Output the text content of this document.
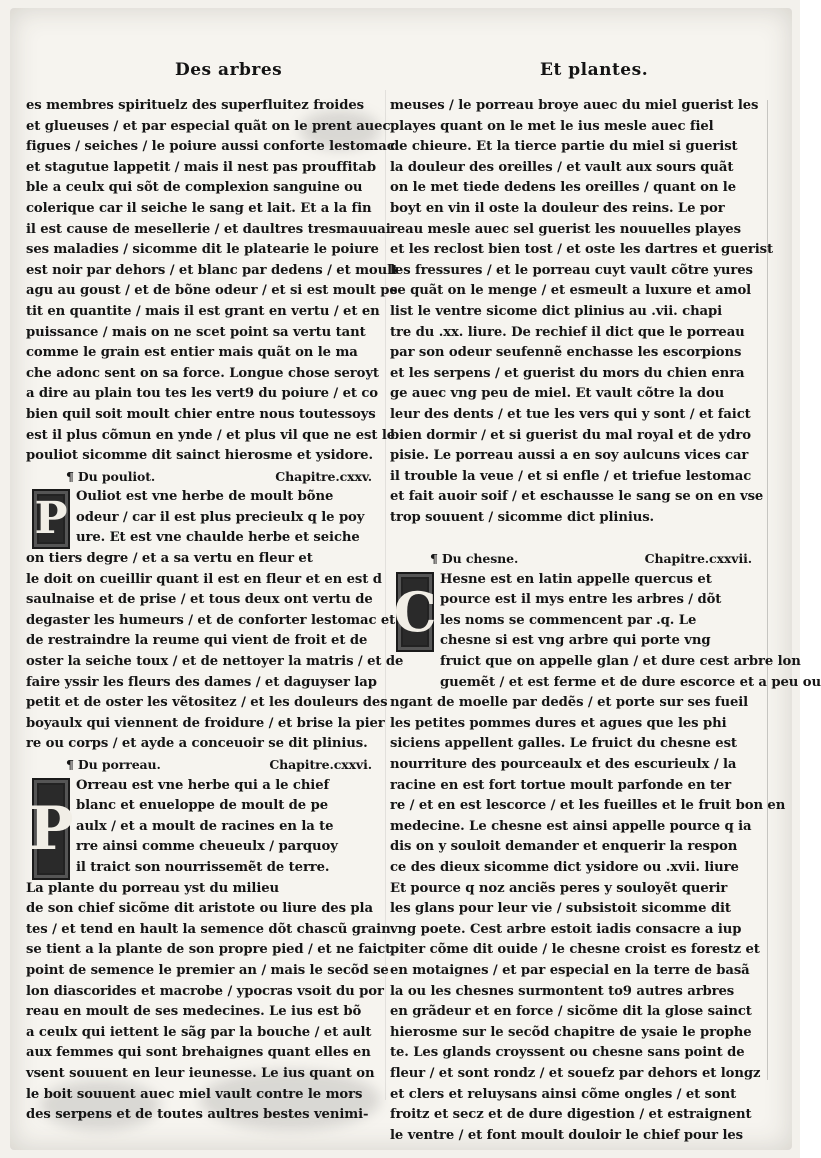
Des arbres	Et plantes.
es membres spirituelz des superfluitez froides
et glueuses / et par especial quãt on le prent auec
figues / seiches / le poiure aussi conforte lestomac
et stagutue lappetit / mais il nest pas prouffitab
ble a ceulx qui sõt de complexion sanguine ou
colerique car il seiche le sang et lait. Et a la fin
il est cause de mesellerie / et daultres tresmauuai
ses maladies / sicomme dit le platearie le poiure
est noir par dehors / et blanc par dedens / et moult
agu au goust / et de bõne odeur / et si est moult pe
tit en quantite / mais il est grant en vertu / et en
puissance / mais on ne scet point sa vertu tant
comme le grain est entier mais quãt on le ma
che adonc sent on sa force. Longue chose seroyt
a dire au plain tou tes les vert9 du poiure / et co
bien quil soit moult chier entre nous toutessoys
est il plus cõmun en ynde / et plus vil que ne est le
pouliot sicomme dit sainct hierosme et ysidore.
¶ Du pouliot.	Chapitre.cxxv.
P Ouliot est vne herbe de moult bõne
odeur / car il est plus precieulx q le poy
ure. Et est vne chaulde herbe et seiche
on tiers degre / et a sa vertu en fleur et
le doit on cueillir quant il est en fleur et en est d
saulnaise et de prise / et tous deux ont vertu de
degaster les humeurs / et de conforter lestomac et
de restraindre la reume qui vient de froit et de
oster la seiche toux / et de nettoyer la matris / et de
faire yssir les fleurs des dames / et daguyser lap
petit et de oster les vẽtositez / et les douleurs des
boyaulx qui viennent de froidure / et brise la pier
re ou corps / et ayde a conceuoir se dit plinius.
¶ Du porreau.	Chapitre.cxxvi.
P
Orreau est vne herbe qui a le chief
blanc et enueloppe de moult de pe
aulx / et a moult de racines en la te
rre ainsi comme cheueulx / parquoy
il traict son nourrissemẽt de terre.
La plante du porreau yst du milieu
de son chief sicõme dit aristote ou liure des pla
tes / et tend en hault la semence dõt chascũ grain
se tient a la plante de son propre pied / et ne faict
point de semence le premier an / mais le secõd se
lon diascorides et macrobe / ypocras vsoit du por
reau en moult de ses medecines. Le ius est bõ
a ceulx qui iettent le sãg par la bouche / et ault
aux femmes qui sont brehaignes quant elles en
vsent souuent en leur ieunesse. Le ius quant on
le boit souuent auec miel vault contre le mors
des serpens et de toutes aultres bestes venimi-
meuses / le porreau broye auec du miel guerist les
playes quant on le met le ius mesle auec fiel
de chieure. Et la tierce partie du miel si guerist
la douleur des oreilles / et vault aux sours quãt
on le met tiede dedens les oreilles / quant on le
boyt en vin il oste la douleur des reins. Le por
reau mesle auec sel guerist les nouuelles playes
et les reclost bien tost / et oste les dartres et guerist
les fressures / et le porreau cuyt vault cõtre yures
se quãt on le menge / et esmeult a luxure et amol
list le ventre sicome dict plinius au .vii. chapi
tre du .xx. liure. De rechief il dict que le porreau
par son odeur seufennẽ enchasse les escorpions
et les serpens / et guerist du mors du chien enra
ge auec vng peu de miel. Et vault cõtre la dou
leur des dents / et tue les vers qui y sont / et faict
bien dormir / et si guerist du mal royal et de ydro
pisie. Le porreau aussi a en soy aulcuns vices car
il trouble la veue / et si enfle / et triefue lestomac
et fait auoir soif / et eschausse le sang se on en vse
trop souuent / sicomme dict plinius.
¶ Du chesne.	Chapitre.cxxvii.
C
Hesne est en latin appelle quercus et
pource est il mys entre les arbres / dõt
les noms se commencent par .q. Le
chesne si est vng arbre qui porte vng
fruict que on appelle glan / et dure cest arbre lon
guemẽt / et est ferme et de dure escorce et a peu ou
ngant de moelle par dedẽs / et porte sur ses fueil
les petites pommes dures et agues que les phi
siciens appellent galles. Le fruict du chesne est
nourriture des pourceaulx et des escurieulx / la
racine en est fort tortue moult parfonde en ter
re / et en est lescorce / et les fueilles et le fruit bon en
medecine. Le chesne est ainsi appelle pource q ia
dis on y souloit demander et enquerir la respon
ce des dieux sicomme dict ysidore ou .xvii. liure
Et pource q noz anciẽs peres y souloyẽt querir
les glans pour leur vie / subsistoit sicomme dit
vng poete. Cest arbre estoit iadis consacre a iup
piter cõme dit ouide / le chesne croist es forestz et
en motaignes / et par especial en la terre de basã
la ou les chesnes surmontent to9 autres arbres
en grãdeur et en force / sicõme dit la glose sainct
hierosme sur le secõd chapitre de ysaie le prophe
te. Les glands croyssent ou chesne sans point de
fleur / et sont rondz / et souefz par dehors et longz
et clers et reluysans ainsi cõme ongles / et sont
froitz et secz et de dure digestion / et estraignent
le ventre / et font moult douloir le chief pour les
